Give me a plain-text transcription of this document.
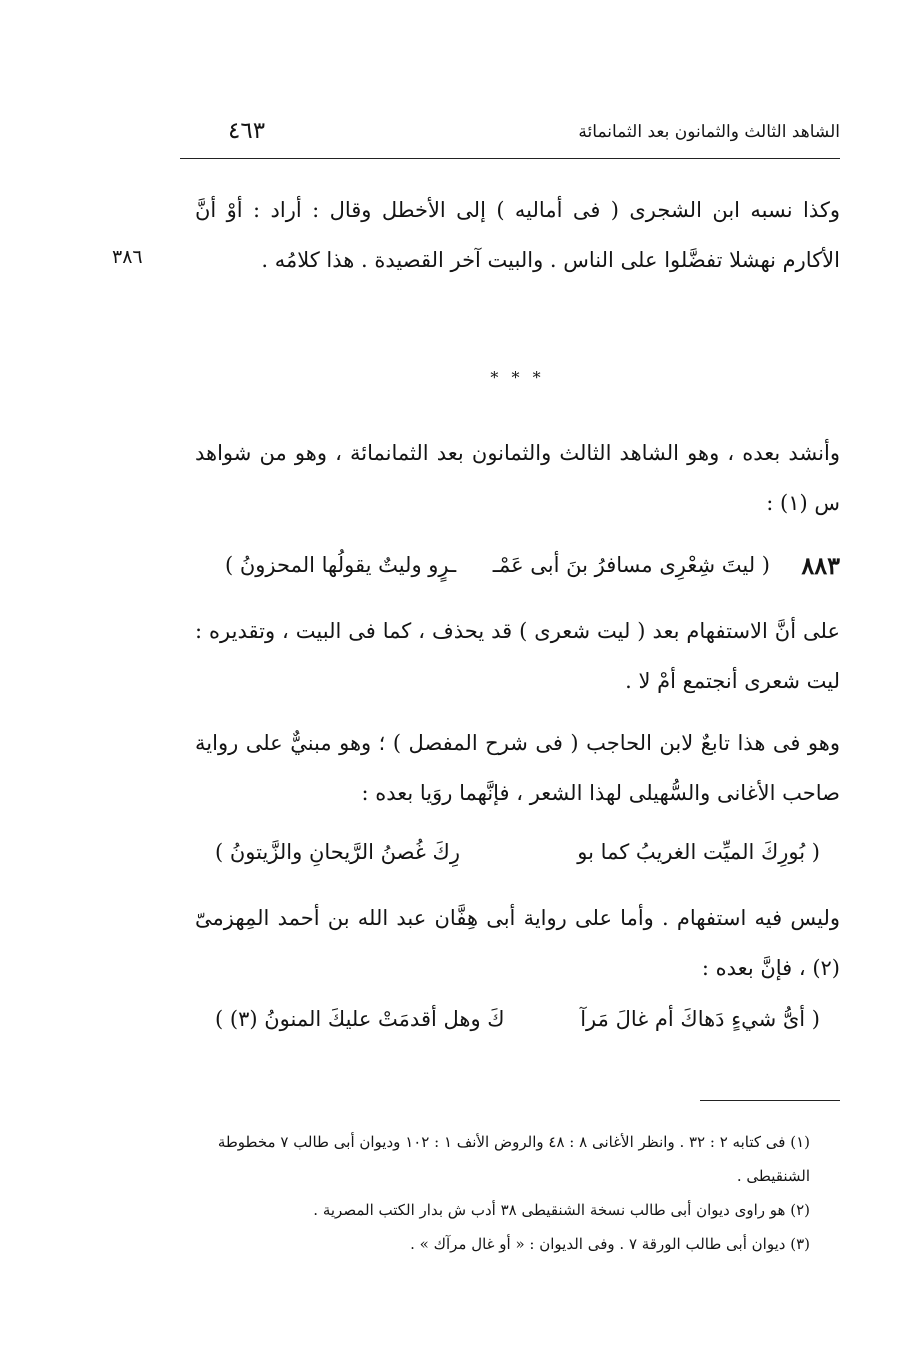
الشاهد الثالث والثمانون بعد الثمانمائة
٤٦٣
٣٨٦
وكذا نسبه ابن الشجرى ( فى أماليه ) إلى الأخطل وقال : أراد : أوْ أنَّ الأكارم نهشلا تفضَّلوا على الناس . والبيت آخر القصيدة . هذا كلامُه .
* * *
وأنشد بعده ، وهو الشاهد الثالث والثمانون بعد الثمانمائة ، وهو من شواهد س (١) :
٨٨٣
( ليتَ شِعْرِى مسافرُ بنَ أبى عَمْـ
ـرٍو وليتٌ يقولُها المحزونُ )
على أنَّ الاستفهام بعد ( ليت شعرى ) قد يحذف ، كما فى البيت ، وتقديره : ليت شعرى أنجتمع أمْ لا .
وهو فى هذا تابعٌ لابن الحاجب ( فى شرح المفصل ) ؛ وهو مبنيٌّ على رواية صاحب الأغانى والسُّهيلى لهذا الشعر ، فإنَّهما روَيا بعده :
( بُورِكَ الميِّت الغريبُ كما بو
رِكَ غُصنُ الرَّيحانِ والزَّيتونُ )
وليس فيه استفهام . وأما على رواية أبى هِفَّان عبد الله بن أحمد المِهزمىّ (٢) ، فإنَّ بعده :
( أىُّ شيءٍ دَهاكَ أم غالَ مَرآ
كَ وهل أقدمَتْ عليكَ المنونُ (٣) )

(١) فى كتابه ٢ : ٣٢ . وانظر الأغانى ٨ : ٤٨ والروض الأنف ١ : ١٠٢ وديوان أبى طالب ٧ مخطوطة الشنقيطى .

(٢) هو راوى ديوان أبى طالب نسخة الشنقيطى ٣٨ أدب ش بدار الكتب المصرية .

(٣) ديوان أبى طالب الورقة ٧ . وفى الديوان : « أو غال مرآك » .
